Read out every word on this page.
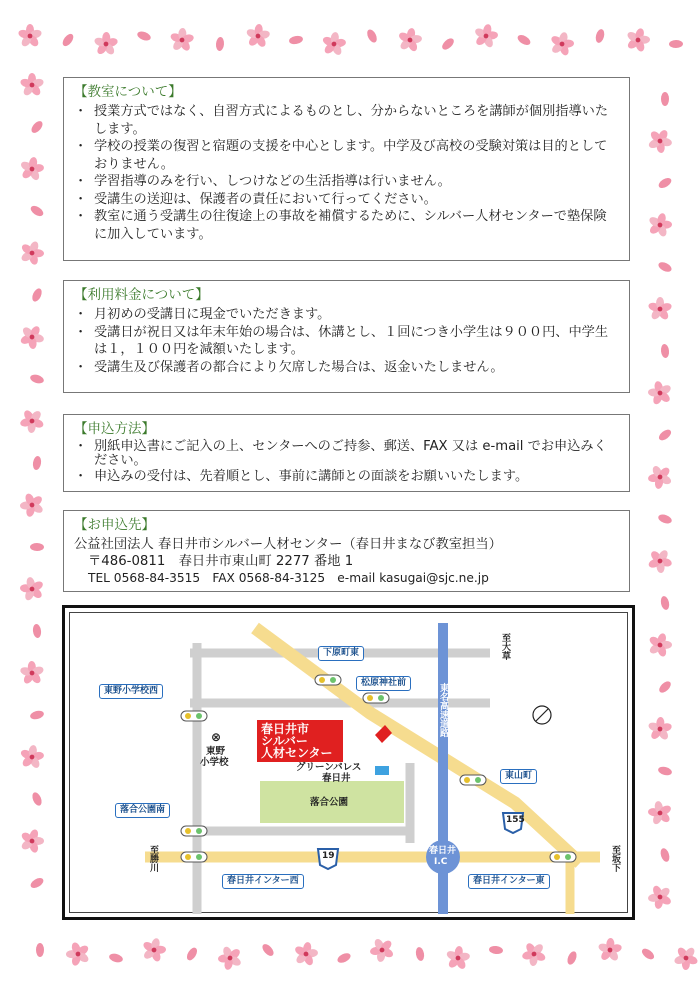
【教室について】
・ 授業方式ではなく、自習方式によるものとし、分からないところを講師が個別指導いたします。
・ 学校の授業の復習と宿題の支援を中心とします。中学及び高校の受験対策は目的としておりません。
・ 学習指導のみを行い、しつけなどの生活指導は行いません。
・ 受講生の送迎は、保護者の責任において行ってください。
・ 教室に通う受講生の往復途上の事故を補償するために、シルバー人材センターで塾保険に加入しています。
【利用料金について】
・ 月初めの受講日に現金でいただきます。
・ 受講日が祝日又は年末年始の場合は、休講とし、１回につき小学生は９００円、中学生は１，１００円を減額いたします。
・ 受講生及び保護者の都合により欠席した場合は、返金いたしません。
【申込方法】
・ 別紙申込書にご記入の上、センターへのご持参、郵送、FAX 又は e-mail でお申込みください。
・ 申込みの受付は、先着順とし、事前に講師との面談をお願いいたします。
【お申込先】

公益社団法人 春日井市シルバー人材センター（春日井まなび教室担当）

〒486-0811　春日井市東山町 2277 番地 1

TEL 0568-84-3515　FAX 0568-84-3125　e-mail kasugai@sjc.ne.jp

春日井市
シルバー
人材センター
下原町東
松原神社前
東野小学校西
東山町
落合公園南
春日井インター西	春日井インター東
東名高速道路
⊗
東野
小学校	グリーンパレス
春日井
落合公園
19
155
春日井
I.C
至大草
至勝川	至坂下
